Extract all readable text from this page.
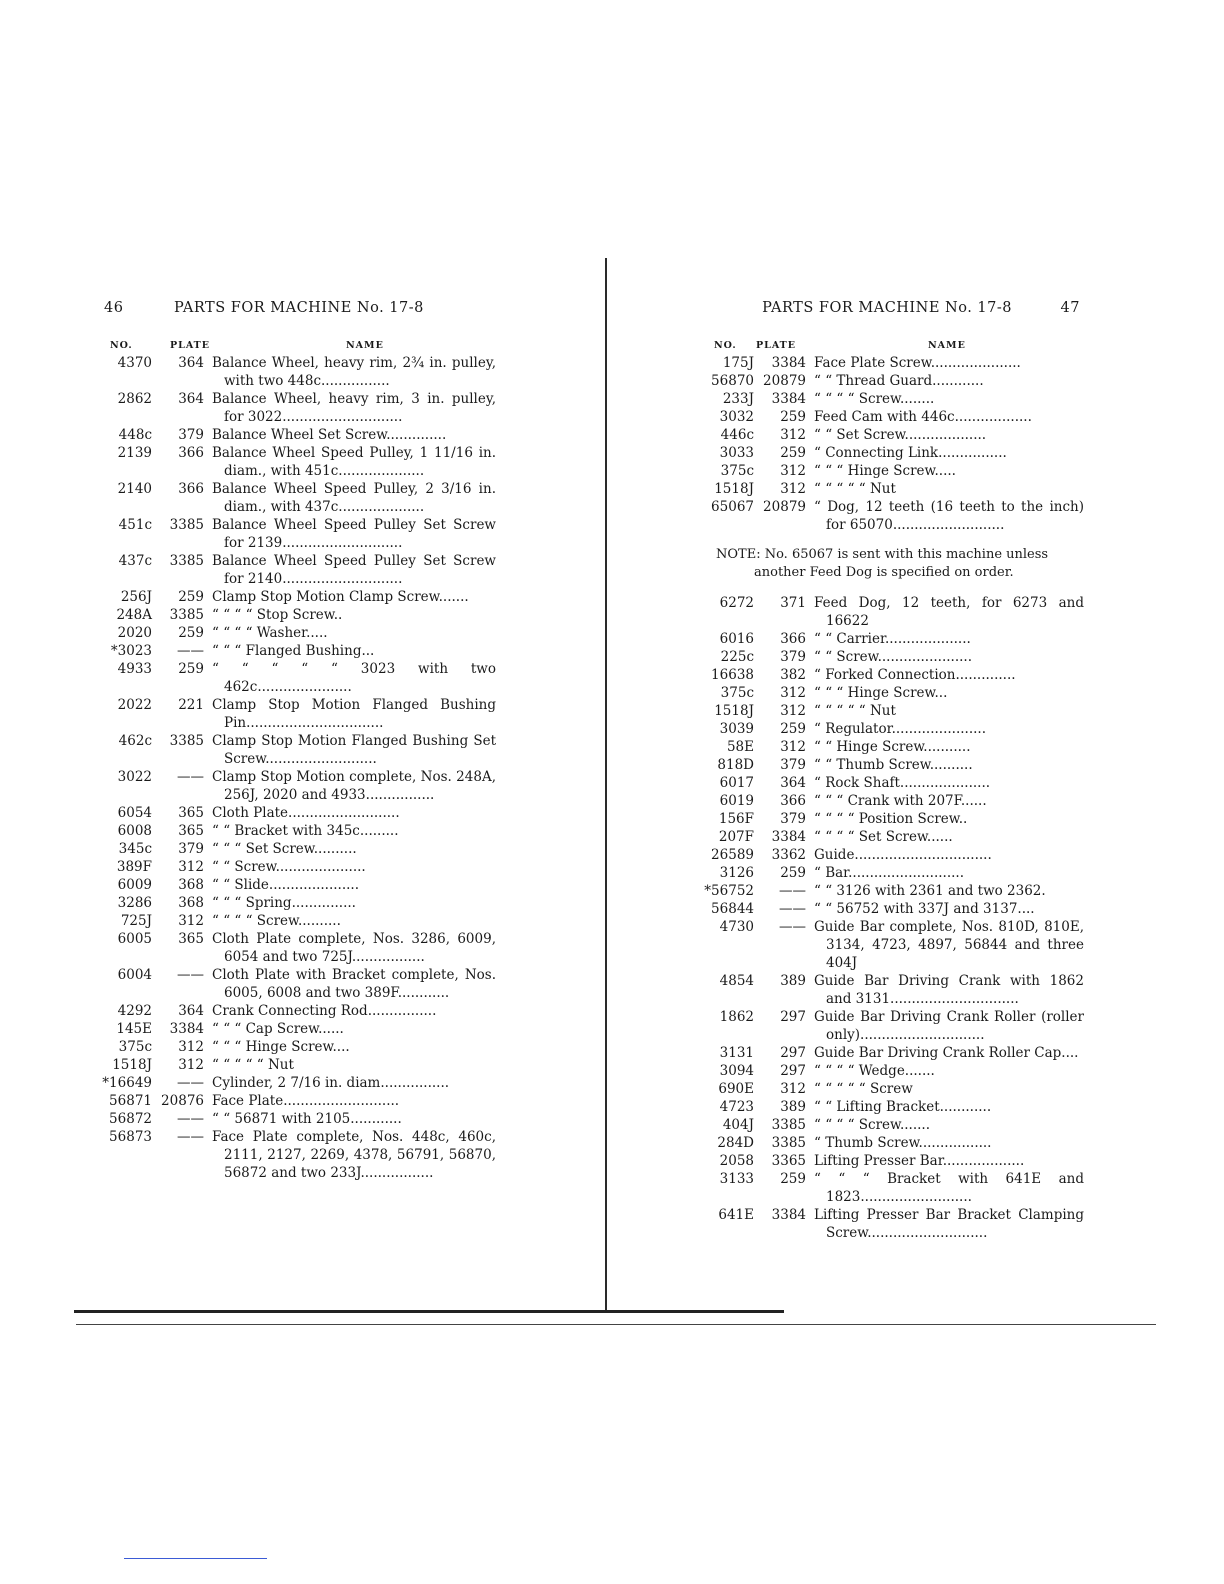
46	PARTS FOR MACHINE No. 17-8
NO.	PLATE	NAME
4370	364 Balance Wheel, heavy rim, 2¾ in. pulley, with two 448c................
2862	364 Balance Wheel, heavy rim, 3 in. pulley, for 3022............................
448c	379 Balance Wheel Set Screw..............
2139	366 Balance Wheel Speed Pulley, 1 11/16 in. diam., with 451c....................
2140	366 Balance Wheel Speed Pulley, 2 3/16 in. diam., with 437c....................
451c	3385 Balance Wheel Speed Pulley Set Screw for 2139............................
437c	3385 Balance Wheel Speed Pulley Set Screw for 2140............................
256J	259 Clamp Stop Motion Clamp Screw.......
248A	3385 “ “ “ “ Stop Screw..
2020	259 “ “ “ “ Washer.....
*3023	—— “ “ “ Flanged Bushing...
4933	259 “ “ “ “ “ 3023 with two 462c......................
2022	221 Clamp Stop Motion Flanged Bushing Pin................................
462c	3385 Clamp Stop Motion Flanged Bushing Set Screw..........................
3022	—— Clamp Stop Motion complete, Nos. 248A, 256J, 2020 and 4933................
6054	365 Cloth Plate..........................
6008	365 “ “ Bracket with 345c.........
345c	379 “ “ “ Set Screw..........
389F	312 “ “ Screw.....................
6009	368 “ “ Slide.....................
3286	368 “ “ “ Spring...............
725J	312 “ “ “ “ Screw..........
6005	365 Cloth Plate complete, Nos. 3286, 6009, 6054 and two 725J.................
6004	—— Cloth Plate with Bracket complete, Nos. 6005, 6008 and two 389F............
4292	364 Crank Connecting Rod................
145E	3384 “ “ “ Cap Screw......
375c	312 “ “ “ Hinge Screw....
1518J	312 “ “ “ “ “ Nut
*16649	—— Cylinder, 2 7/16 in. diam................
56871 20876 Face Plate...........................
56872	—— “ “ 56871 with 2105............
56873	—— Face Plate complete, Nos. 448c, 460c, 2111, 2127, 2269, 4378, 56791, 56870, 56872 and two 233J.................
PARTS FOR MACHINE No. 17-8	47
NO. PLATE	NAME
175J	3384 Face Plate Screw.....................
56870 20879 “ “ Thread Guard............
233J	3384 “ “ “ “ Screw........
3032	259 Feed Cam with 446c..................
446c	312 “ “ Set Screw...................
3033	259 “ Connecting Link................
375c	312 “ “ “ Hinge Screw.....
1518J	312 “ “ “ “ “ Nut
65067 20879 “ Dog, 12 teeth (16 teeth to the inch) for 65070..........................
NOTE: No. 65067 is sent with this machine unless another Feed Dog is specified on order.
6272	371 Feed Dog, 12 teeth, for 6273 and 16622
6016	366 “ “ Carrier....................
225c	379 “ “ Screw......................
16638	382 “ Forked Connection..............
375c	312 “ “ “ Hinge Screw...
1518J	312 “ “ “ “ “ Nut
3039	259 “ Regulator......................
58E	312 “ “ Hinge Screw...........
818D	379 “ “ Thumb Screw..........
6017	364 “ Rock Shaft.....................
6019	366 “ “ “ Crank with 207F......
156F	379 “ “ “ “ Position Screw..
207F	3384 “ “ “ “ Set Screw......
26589	3362 Guide................................
3126	259 “ Bar...........................
*56752	—— “ “ 3126 with 2361 and two 2362.
56844	—— “ “ 56752 with 337J and 3137....
4730	—— Guide Bar complete, Nos. 810D, 810E, 3134, 4723, 4897, 56844 and three 404J
4854	389 Guide Bar Driving Crank with 1862 and 3131..............................
1862	297 Guide Bar Driving Crank Roller (roller only).............................
3131	297 Guide Bar Driving Crank Roller Cap....
3094	297 “ “ “ “ Wedge.......
690E	312 “ “ “ “ “ Screw
4723	389 “ “ Lifting Bracket............
404J	3385 “ “ “ “ Screw.......
284D	3385 “ Thumb Screw.................
2058	3365 Lifting Presser Bar...................
3133	259 “ “ “ Bracket with 641E and 1823..........................
641E	3384 Lifting Presser Bar Bracket Clamping Screw............................
